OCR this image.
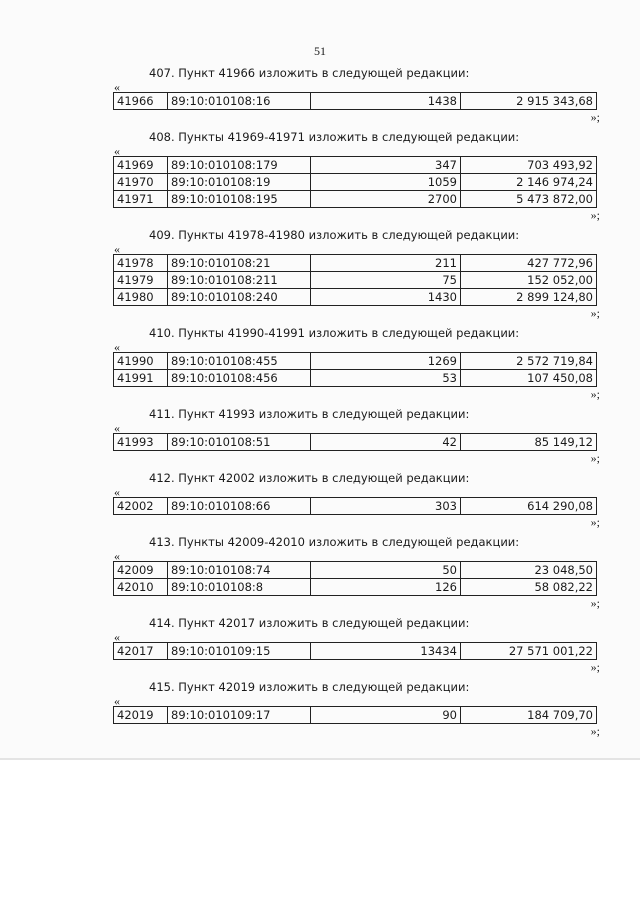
51
407. Пункт 41966 изложить в следующей редакции:
«
41966	89:10:010108:16	1438	2 915 343,68
»;
408. Пункты 41969-41971 изложить в следующей редакции:
«
41969	89:10:010108:179	347	703 493,92
41970	89:10:010108:19	1059	2 146 974,24
41971	89:10:010108:195	2700	5 473 872,00
»;
409. Пункты 41978-41980 изложить в следующей редакции:
«
41978	89:10:010108:21	211	427 772,96
41979	89:10:010108:211	75	152 052,00
41980	89:10:010108:240	1430	2 899 124,80
»;
410. Пункты 41990-41991 изложить в следующей редакции:
«
41990	89:10:010108:455	1269	2 572 719,84
41991	89:10:010108:456	53	107 450,08
»;
411. Пункт 41993 изложить в следующей редакции:
«
41993	89:10:010108:51	42	85 149,12
»;
412. Пункт 42002 изложить в следующей редакции:
«
42002	89:10:010108:66	303	614 290,08
»;
413. Пункты 42009-42010 изложить в следующей редакции:
«
42009	89:10:010108:74	50	23 048,50
42010	89:10:010108:8	126	58 082,22
»;
414. Пункт 42017 изложить в следующей редакции:
«
42017	89:10:010109:15	13434	27 571 001,22
»;
415. Пункт 42019 изложить в следующей редакции:
«
42019	89:10:010109:17	90	184 709,70
»;
